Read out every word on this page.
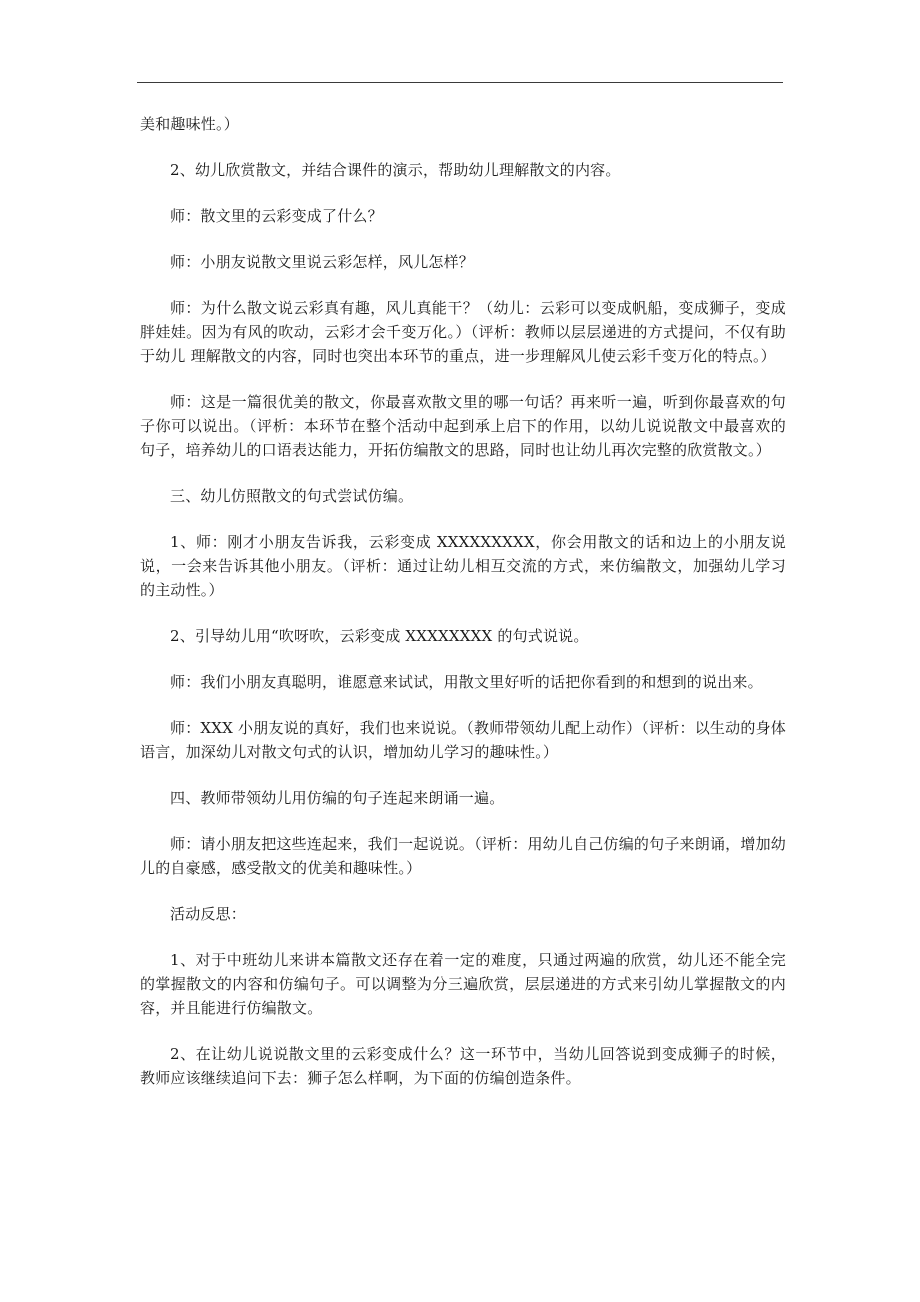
美和趣味性。）

2、幼儿欣赏散文，并结合课件的演示，帮助幼儿理解散文的内容。

师：散文里的云彩变成了什么？

师：小朋友说散文里说云彩怎样，风儿怎样？

师：为什么散文说云彩真有趣，风儿真能干？（幼儿：云彩可以变成帆船，变成狮子，变成胖娃娃。因为有风的吹动，云彩才会千变万化。）（评析：教师以层层递进的方式提问，不仅有助于幼儿 理解散文的内容，同时也突出本环节的重点，进一步理解风儿使云彩千变万化的特点。）

师：这是一篇很优美的散文，你最喜欢散文里的哪一句话？再来听一遍，听到你最喜欢的句子你可以说出。（评析：本环节在整个活动中起到承上启下的作用，以幼儿说说散文中最喜欢的句子，培养幼儿的口语表达能力，开拓仿编散文的思路，同时也让幼儿再次完整的欣赏散文。）

三、幼儿仿照散文的句式尝试仿编。

1、师：刚才小朋友告诉我，云彩变成 XXXXXXXXX，你会用散文的话和边上的小朋友说说，一会来告诉其他小朋友。（评析：通过让幼儿相互交流的方式，来仿编散文，加强幼儿学习的主动性。）

2、引导幼儿用“吹呀吹，云彩变成 XXXXXXXX 的句式说说。

师：我们小朋友真聪明，谁愿意来试试，用散文里好听的话把你看到的和想到的说出来。

师：XXX 小朋友说的真好，我们也来说说。（教师带领幼儿配上动作）（评析：以生动的身体语言，加深幼儿对散文句式的认识，增加幼儿学习的趣味性。）

四、教师带领幼儿用仿编的句子连起来朗诵一遍。

师：请小朋友把这些连起来，我们一起说说。（评析：用幼儿自己仿编的句子来朗诵，增加幼儿的自豪感，感受散文的优美和趣味性。）

活动反思：

1、对于中班幼儿来讲本篇散文还存在着一定的难度，只通过两遍的欣赏，幼儿还不能全完的掌握散文的内容和仿编句子。可以调整为分三遍欣赏，层层递进的方式来引幼儿掌握散文的内容，并且能进行仿编散文。

2、在让幼儿说说散文里的云彩变成什么？这一环节中，当幼儿回答说到变成狮子的时候，教师应该继续追问下去：狮子怎么样啊，为下面的仿编创造条件。
